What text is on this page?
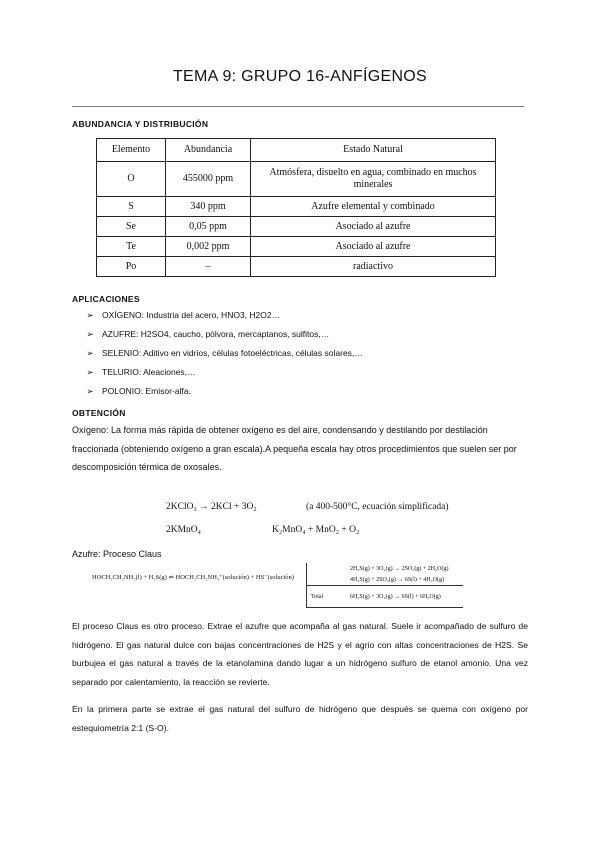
TEMA 9: GRUPO 16-ANFÍGENOS
ABUNDANCIA Y DISTRIBUCIÓN
Elemento	Abundancia	Estado Natural
O	455000 ppm	Atmósfera, disuelto en agua, combinado en muchos minerales
S	340 ppm	Azufre elemental y combinado
Se	0,05 ppm	Asociado al azufre
Te	0,002 ppm	Asociado al azufre
Po	–	radiactivo
APLICACIONES
➢ OXÍGENO: Industria del acero, HNO3, H2O2…
➢ AZUFRE: H2SO4, caucho, pólvora, mercaptanos, sulfitos,…
➢ SELENIO: Aditivo en vidrios, células fotoeléctricas, células solares,…
➢ TELURIO: Aleaciones,…
➢ POLONIO: Emisor-alfa.
OBTENCIÓN
Oxígeno: La forma más rápida de obtener oxígeno es del aire, condensando y destilando por destilación fraccionada (obteniendo oxígeno a gran escala).A pequeña escala hay otros procedimientos que suelen ser por descomposición térmica de oxosales.
2KClO₃ → 2KCl + 3O₂	(a 400-500°C, ecuación simplificada)
2KMnO₄	K₂MnO₄ + MnO₂ + O₂
Azufre: Proceso Claus
HOCH₂CH₂NH₂(l) + H₂S(g) ⇌ HOCH₂CH₂NH₃⁺(solución) + HS⁻(solución)
2H₂S(g) + 3O₂(g) → 2SO₂(g) + 2H₂O(g)
4H₂S(g) + 2SO₂(g) → 6S(l) + 4H₂O(g)
Total	6H₂S(g) + 3O₂(g) → 6S(l) + 6H₂O(g)
El proceso Claus es otro proceso. Extrae el azufre que acompaña al gas natural. Suele ir acompañado de sulfuro de hidrógeno. El gas natural dulce con bajas concentraciones de H2S y el agrio con altas concentraciones de H2S. Se burbujea el gas natural a través de la etanolamina dando lugar a un hidrógeno sulfuro de etanol amonio. Una vez separado por calentamiento, la reacción se revierte.
En la primera parte se extrae el gas natural del sulfuro de hidrógeno que después se quema con oxígeno por estequiometría 2:1 (S-O).
